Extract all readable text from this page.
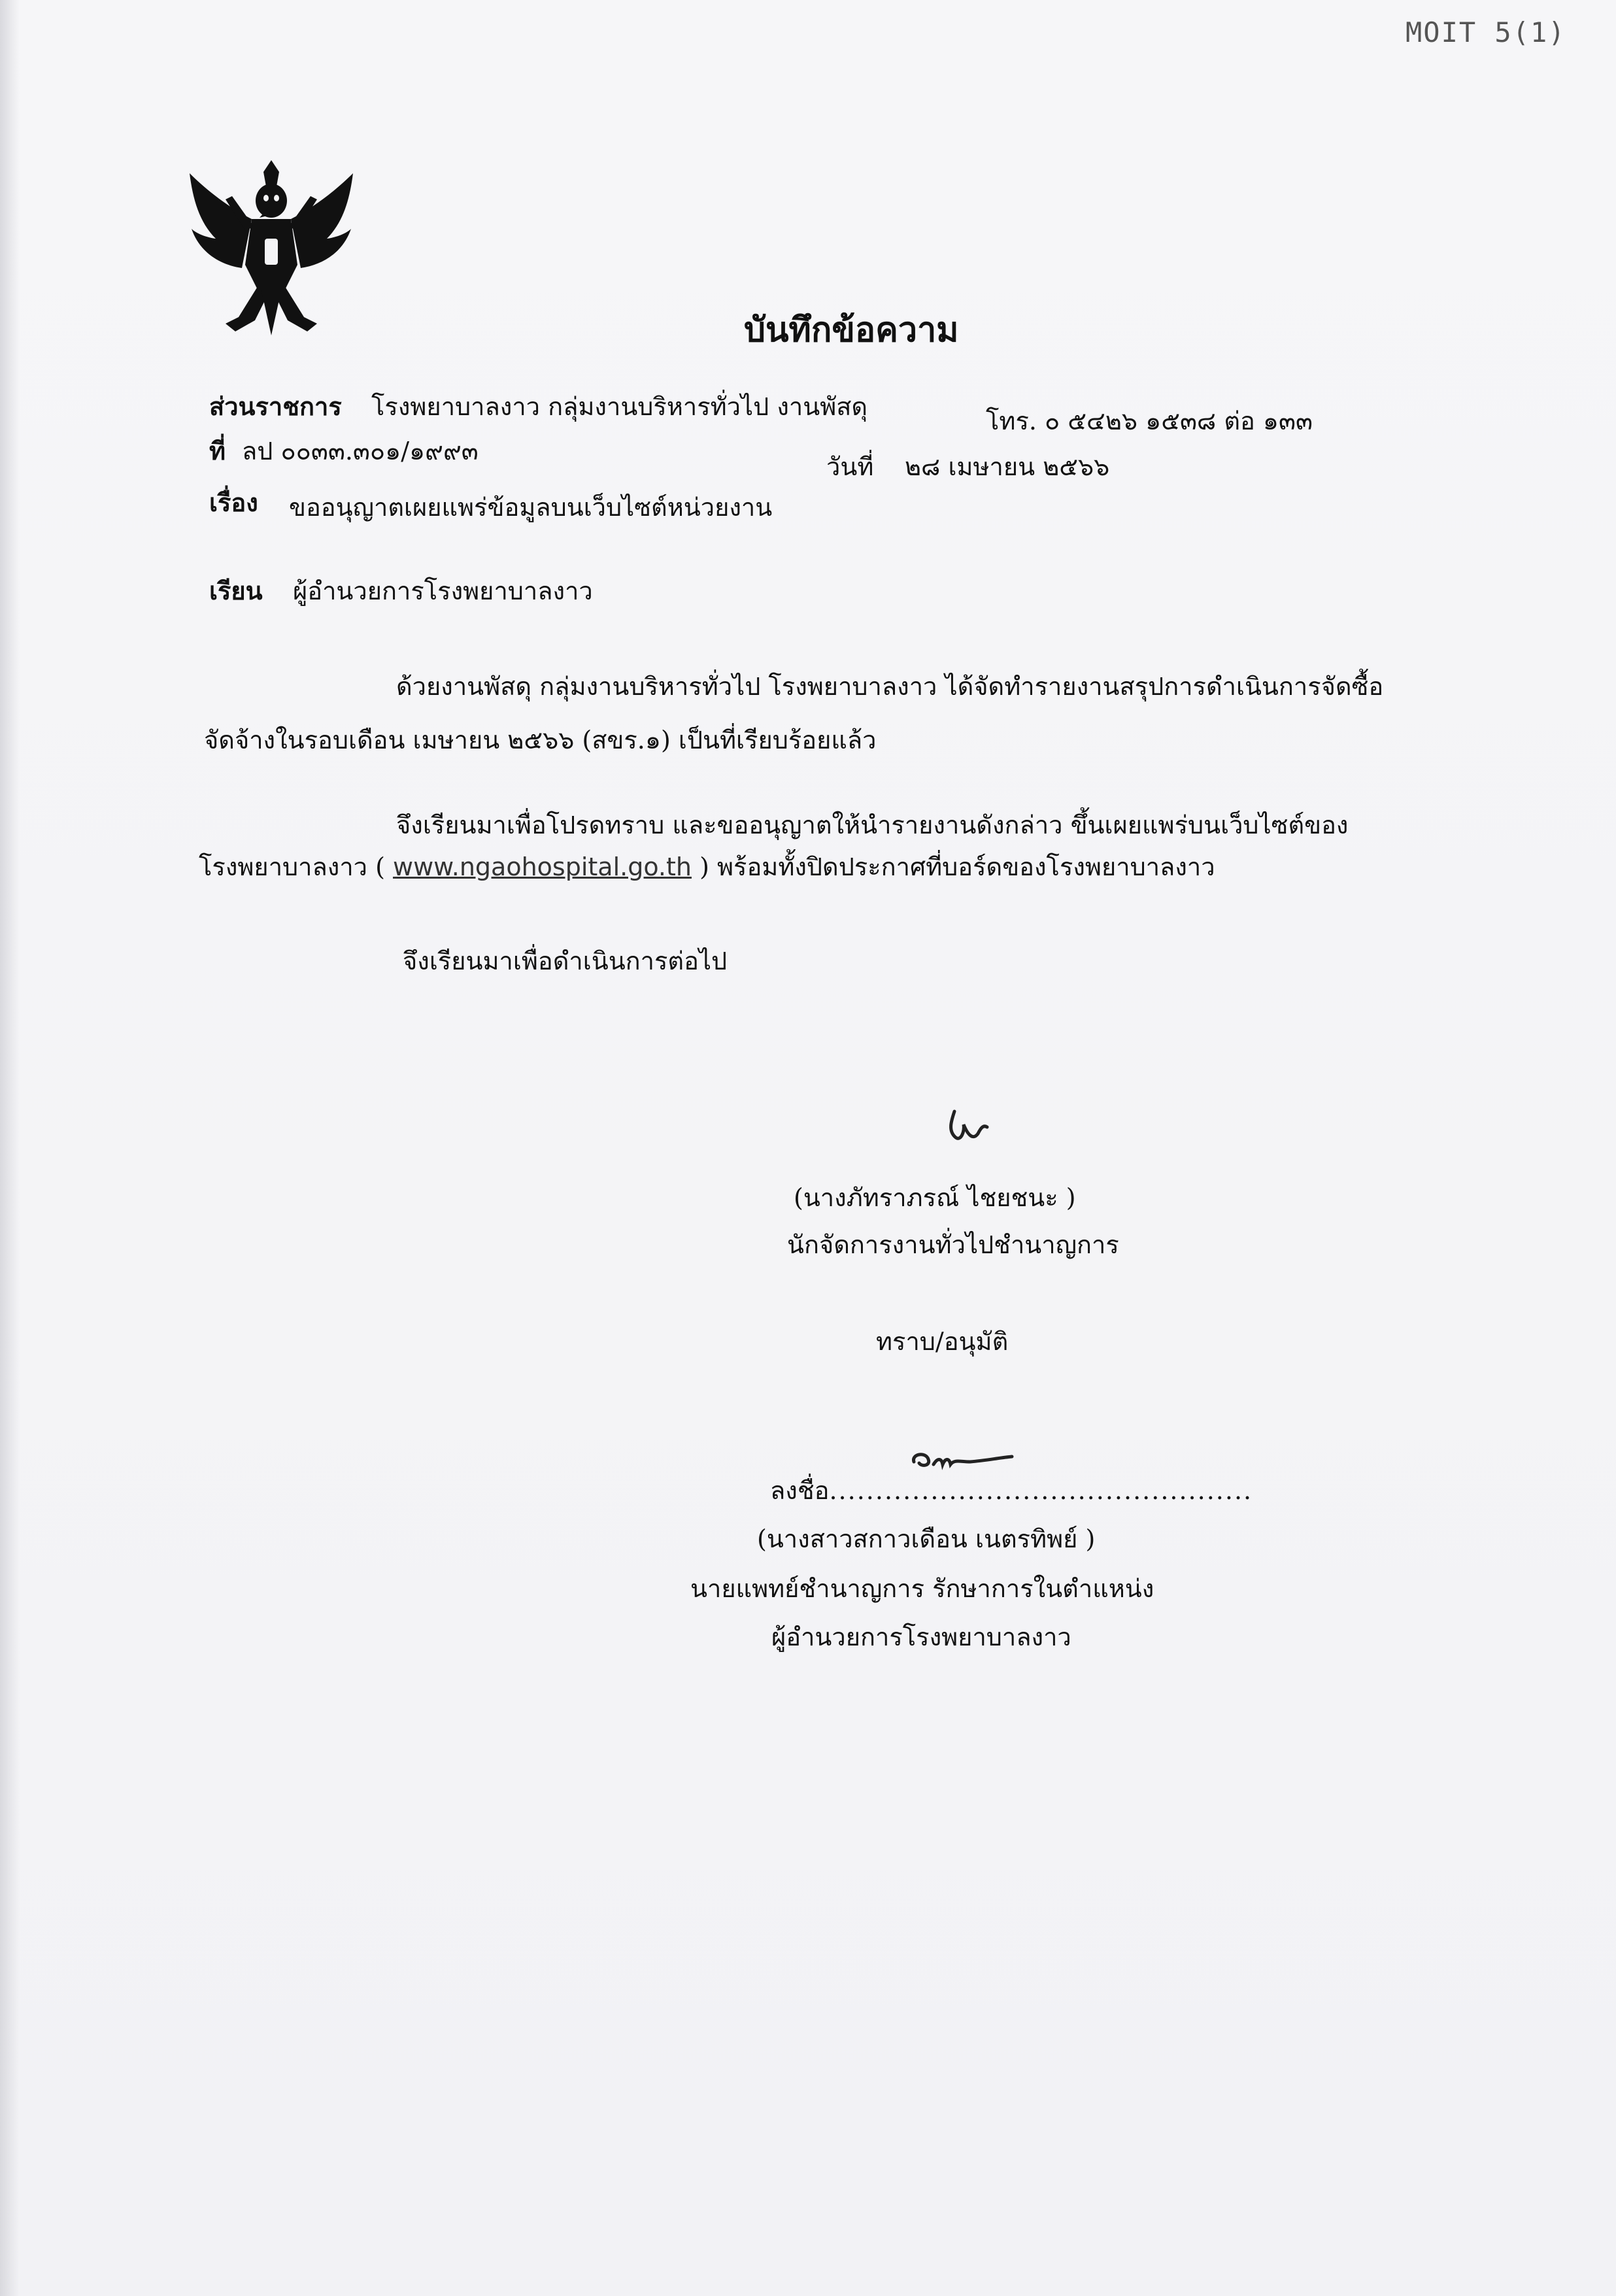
MOIT 5(1)
บันทึกข้อความ
ส่วนราชการ โรงพยาบาลงาว กลุ่มงานบริหารทั่วไป งานพัสดุ	โทร. ๐ ๕๔๒๖ ๑๕๓๘ ต่อ ๑๓๓
ที่ ลป ๐๐๓๓.๓๐๑/๑๙๙๓
วันที่ ๒๘ เมษายน ๒๕๖๖
เรื่อง ขออนุญาตเผยแพร่ข้อมูลบนเว็บไซต์หน่วยงาน
เรียน ผู้อำนวยการโรงพยาบาลงาว
ด้วยงานพัสดุ กลุ่มงานบริหารทั่วไป โรงพยาบาลงาว ได้จัดทำรายงานสรุปการดำเนินการจัดซื้อ
จัดจ้างในรอบเดือน เมษายน ๒๕๖๖ (สขร.๑) เป็นที่เรียบร้อยแล้ว
จึงเรียนมาเพื่อโปรดทราบ และขออนุญาตให้นำรายงานดังกล่าว ขึ้นเผยแพร่บนเว็บไซต์ของ
โรงพยาบาลงาว ( www.ngaohospital.go.th ) พร้อมทั้งปิดประกาศที่บอร์ดของโรงพยาบาลงาว
จึงเรียนมาเพื่อดำเนินการต่อไป
(นางภัทราภรณ์ ไชยชนะ )
นักจัดการงานทั่วไปชำนาญการ
ทราบ/อนุมัติ
ลงชื่อ..............................................
(นางสาวสกาวเดือน เนตรทิพย์ )
นายแพทย์ชำนาญการ รักษาการในตำแหน่ง
ผู้อำนวยการโรงพยาบาลงาว
